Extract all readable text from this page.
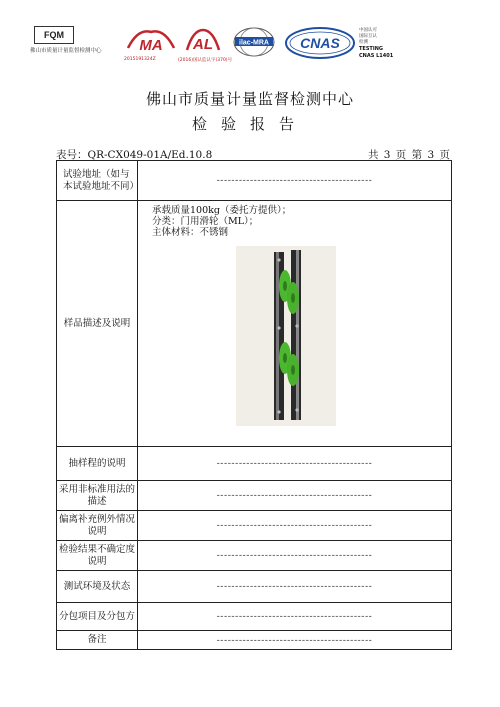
FQM
佛山市质量计量监督检测中心	MA
2015191324Z
AL
(2016)国认监认字(370)号
ilac-MRA CNAS
中国认可
国际互认
检测
TESTING
CNAS L1401
佛山市质量计量监督检测中心
检验报告
表号：QR-CX049-01A/Ed.10.8	共 3 页 第 3 页
试验地址（如与本试验地址不同）	------------------------------------------
样品描述及说明	承载质量100kg（委托方提供）；
分类：门用滑轮（ML）；
主体材料：不锈钢

抽样程的说明	------------------------------------------
采用非标准用法的描述	------------------------------------------
偏离补充例外情况说明	------------------------------------------
检验结果不确定度说明	------------------------------------------
测试环境及状态	------------------------------------------
分包项目及分包方	------------------------------------------
备注	------------------------------------------
